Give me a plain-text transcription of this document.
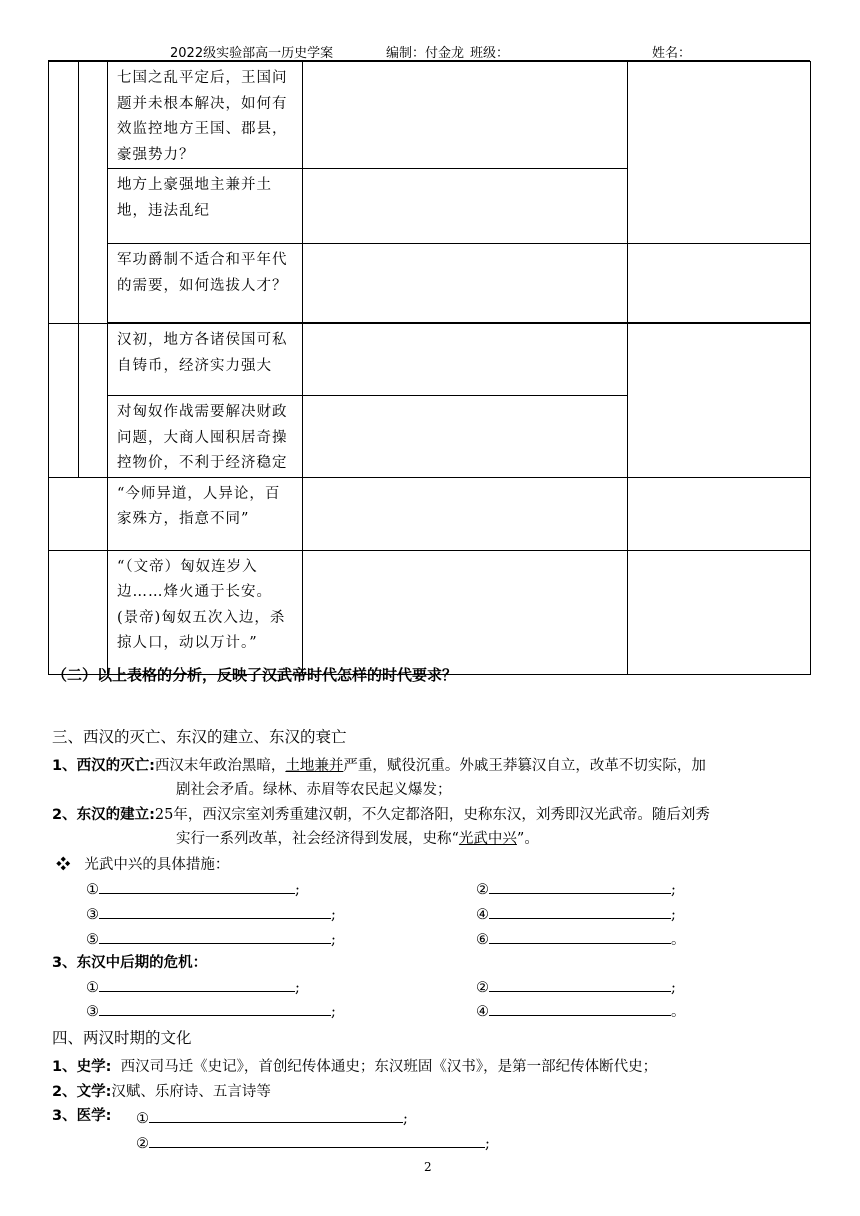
2022级实验部高一历史学案	编制：付金龙 班级：	姓名：

		七国之乱平定后，王国问题并未根本解决，如何有效监控地方王国、郡县，豪强势力？		

		地方上豪强地主兼并土地，违法乱纪		

		军功爵制不适合和平年代的需要，如何选拔人才？		

		汉初，地方各诸侯国可私自铸币，经济实力强大		

		对匈奴作战需要解决财政问题，大商人囤积居奇操控物价，不利于经济稳定		

		“今师异道，人异论，百家殊方，指意不同”		

		“（文帝）匈奴连岁入边……烽火通于长安。(景帝)匈奴五次入边，杀掠人口，动以万计。”		

（二）以上表格的分析，反映了汉武帝时代怎样的时代要求？
三、西汉的灭亡、东汉的建立、东汉的衰亡
1、西汉的灭亡:西汉末年政治黑暗，土地兼并严重，赋役沉重。外戚王莽篡汉自立，改革不切实际，加
剧社会矛盾。绿林、赤眉等农民起义爆发；
2、东汉的建立:25年，西汉宗室刘秀重建汉朝，不久定都洛阳，史称东汉，刘秀即汉光武帝。随后刘秀
实行一系列改革，社会经济得到发展，史称“光武中兴”。
❖ 光武中兴的具体措施：
①	;	②	;
③	;	④	;
⑤	;	⑥	。
3、东汉中后期的危机：
①	;	②	;
③	;	④	。
四、两汉时期的文化
1、史学: 西汉司马迁《史记》，首创纪传体通史；东汉班固《汉书》，是第一部纪传体断代史；
2、文学:汉赋、乐府诗、五言诗等
3、医学: ①	;
②	;
2
